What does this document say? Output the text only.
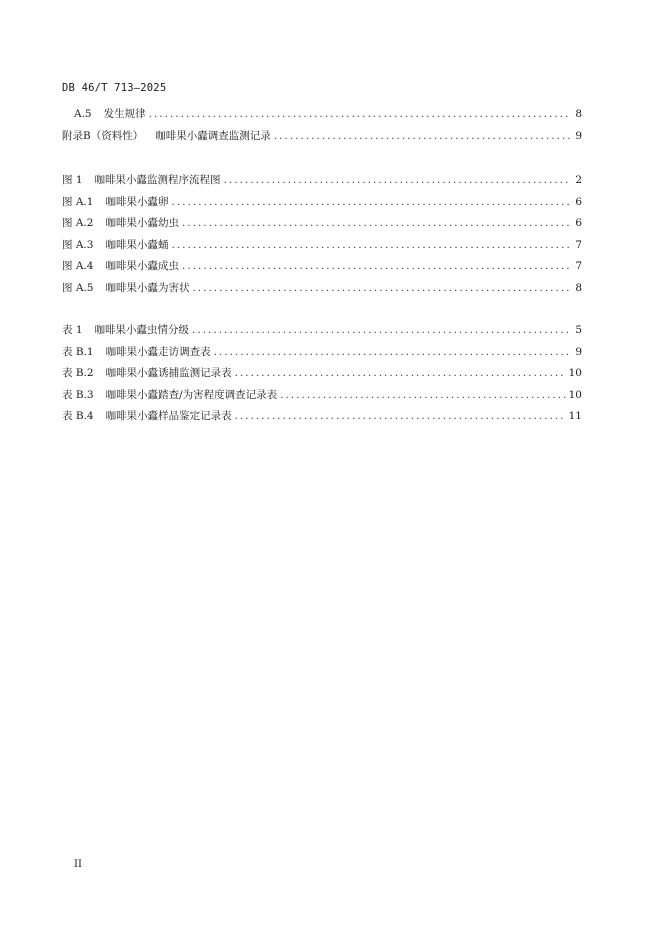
DB 46/T 713—2025
A.5 发生规律 .....	8
附录B（资料性） 咖啡果小蠹调查监测记录 .....	9
图 1 咖啡果小蠹监测程序流程图 .....	2
图 A.1 咖啡果小蠹卵 .....	6
图 A.2 咖啡果小蠹幼虫 .....	6
图 A.3 咖啡果小蠹蛹 .....	7
图 A.4 咖啡果小蠹成虫 .....	7
图 A.5 咖啡果小蠹为害状 .....	8
表 1 咖啡果小蠹虫情分级 .....	5
表 B.1 咖啡果小蠹走访调查表 .....	9
表 B.2 咖啡果小蠹诱捕监测记录表 .....	10
表 B.3 咖啡果小蠹踏查/为害程度调查记录表 .....	10
表 B.4 咖啡果小蠹样品鉴定记录表 .....	11
II
